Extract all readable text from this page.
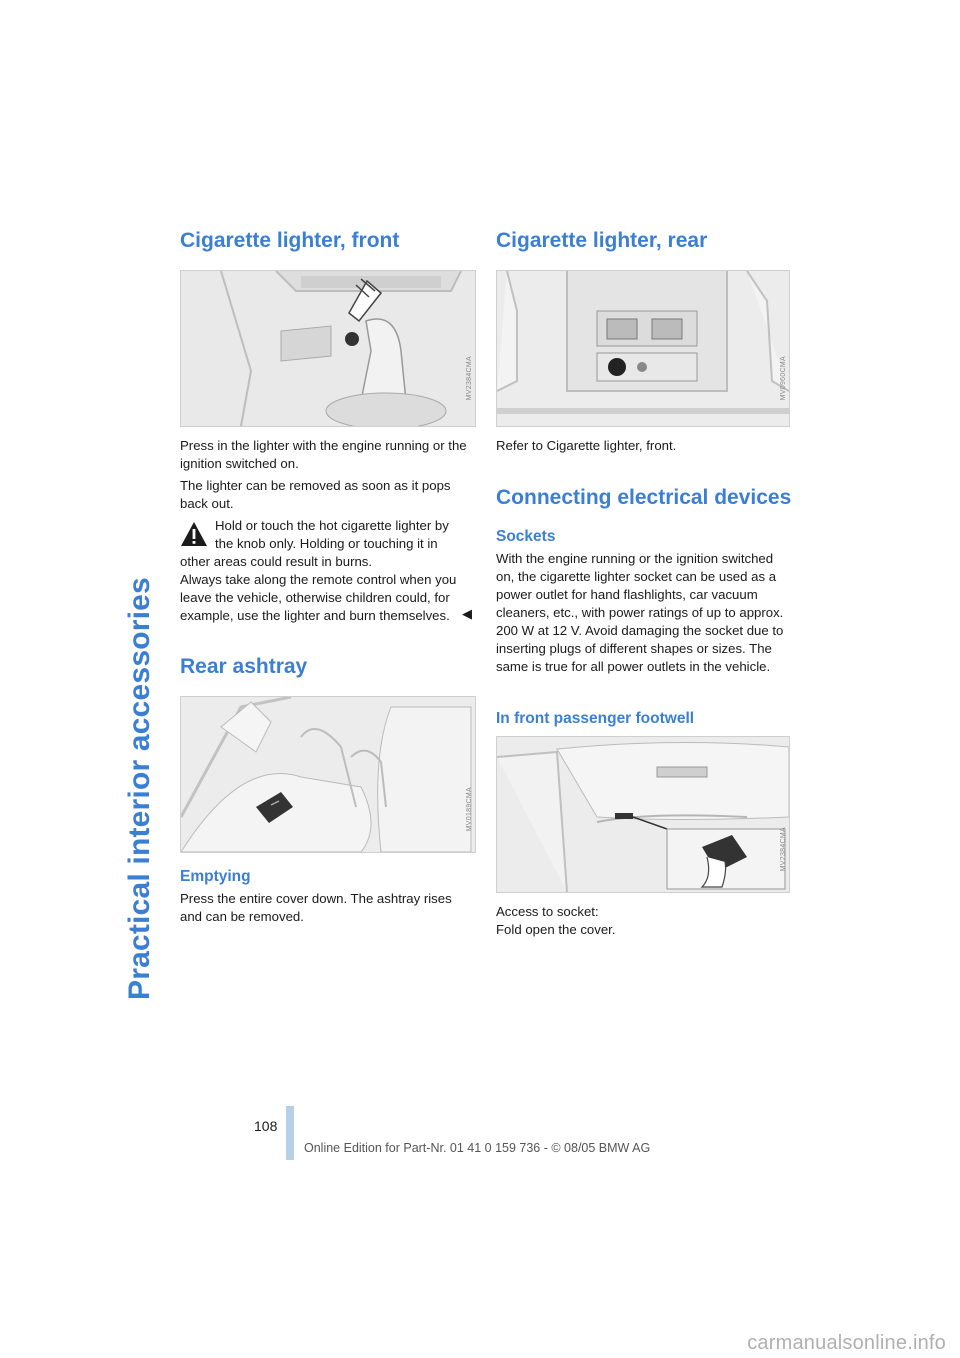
Practical interior accessories
Cigarette lighter, front
MV2384CMA

Press in the lighter with the engine running or the ignition switched on.

The lighter can be removed as soon as it pops back out.

Hold or touch the hot cigarette lighter by

the knob only. Holding or touching it in

other areas could result in burns.

Always take along the remote control when you leave the vehicle, otherwise children could, for example, use the lighter and burn themselves. ◀
Rear ashtray
MV0189CMA
Emptying

Press the entire cover down. The ashtray rises and can be removed.

Cigarette lighter, rear
MV0960CMA

Refer to Cigarette lighter, front.

Connecting electrical devices
Sockets

With the engine running or the ignition switched on, the cigarette lighter socket can be used as a power outlet for hand flashlights, car vacuum cleaners, etc., with power ratings of up to approx. 200 W at 12 V. Avoid damaging the socket due to inserting plugs of different shapes or sizes. The same is true for all power outlets in the vehicle.

In front passenger footwell
MV2384CMA

Access to socket:

Fold open the cover.

108
Online Edition for Part-Nr. 01 41 0 159 736 - © 08/05 BMW AG
carmanualsonline.info
